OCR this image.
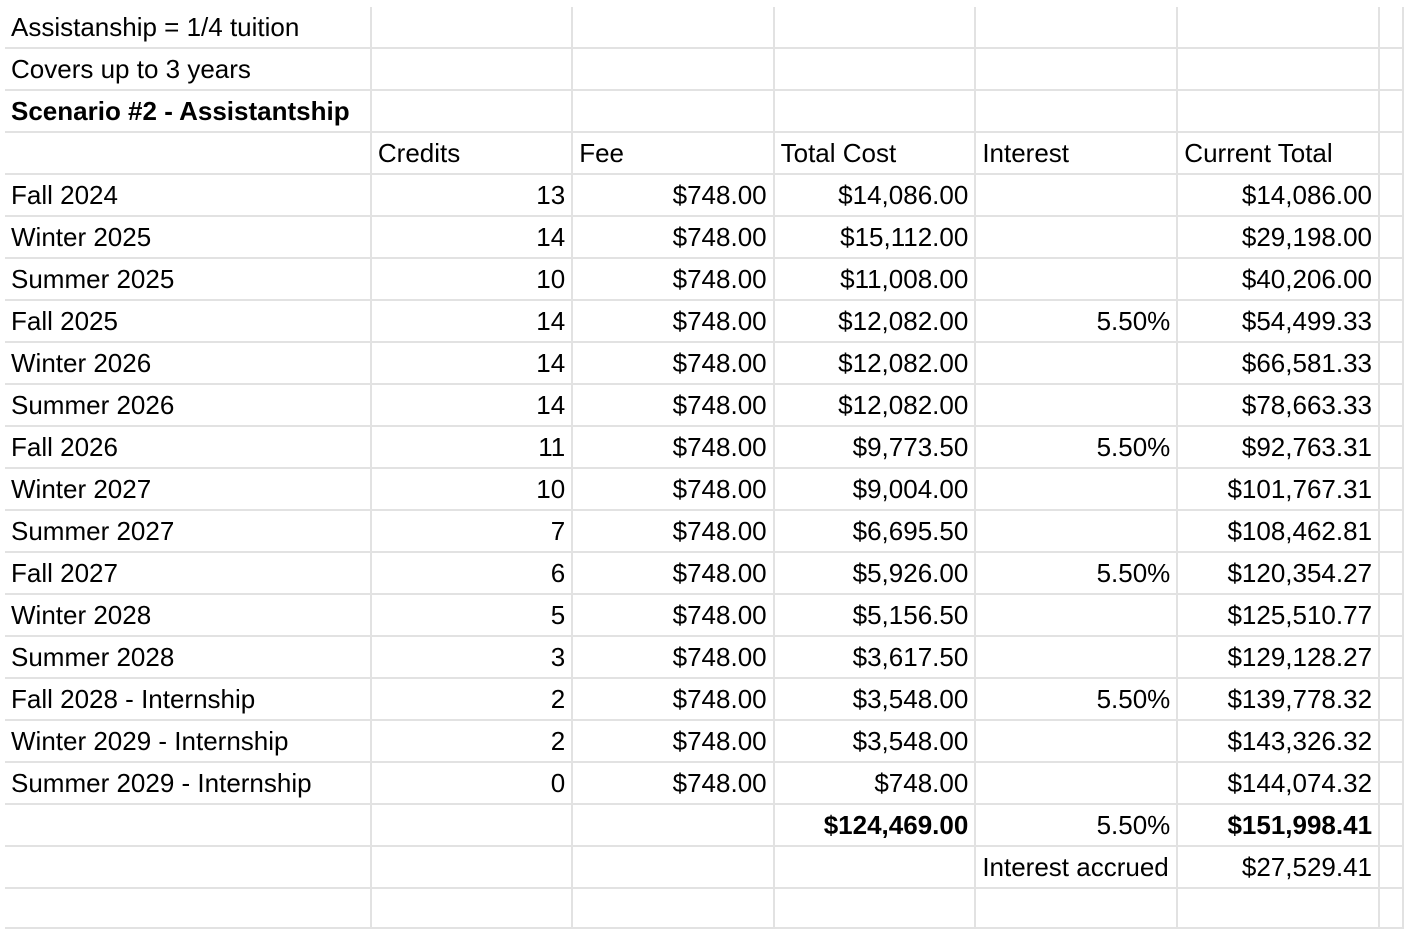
Assistanship = 1/4 tuition						
Covers up to 3 years						
Scenario #2 - Assistantship						
	Credits	Fee	Total Cost	Interest	Current Total	
Fall 2024	13	$748.00	$14,086.00		$14,086.00	
Winter 2025	14	$748.00	$15,112.00		$29,198.00	
Summer 2025	10	$748.00	$11,008.00		$40,206.00	
Fall 2025	14	$748.00	$12,082.00	5.50%	$54,499.33	
Winter 2026	14	$748.00	$12,082.00		$66,581.33	
Summer 2026	14	$748.00	$12,082.00		$78,663.33	
Fall 2026	11	$748.00	$9,773.50	5.50%	$92,763.31	
Winter 2027	10	$748.00	$9,004.00		$101,767.31	
Summer 2027	7	$748.00	$6,695.50		$108,462.81	
Fall 2027	6	$748.00	$5,926.00	5.50%	$120,354.27	
Winter 2028	5	$748.00	$5,156.50		$125,510.77	
Summer 2028	3	$748.00	$3,617.50		$129,128.27	
Fall 2028 - Internship	2	$748.00	$3,548.00	5.50%	$139,778.32	
Winter 2029 - Internship	2	$748.00	$3,548.00		$143,326.32	
Summer 2029 - Internship	0	$748.00	$748.00		$144,074.32	
			$124,469.00	5.50%	$151,998.41	
				Interest accrued	$27,529.41	
